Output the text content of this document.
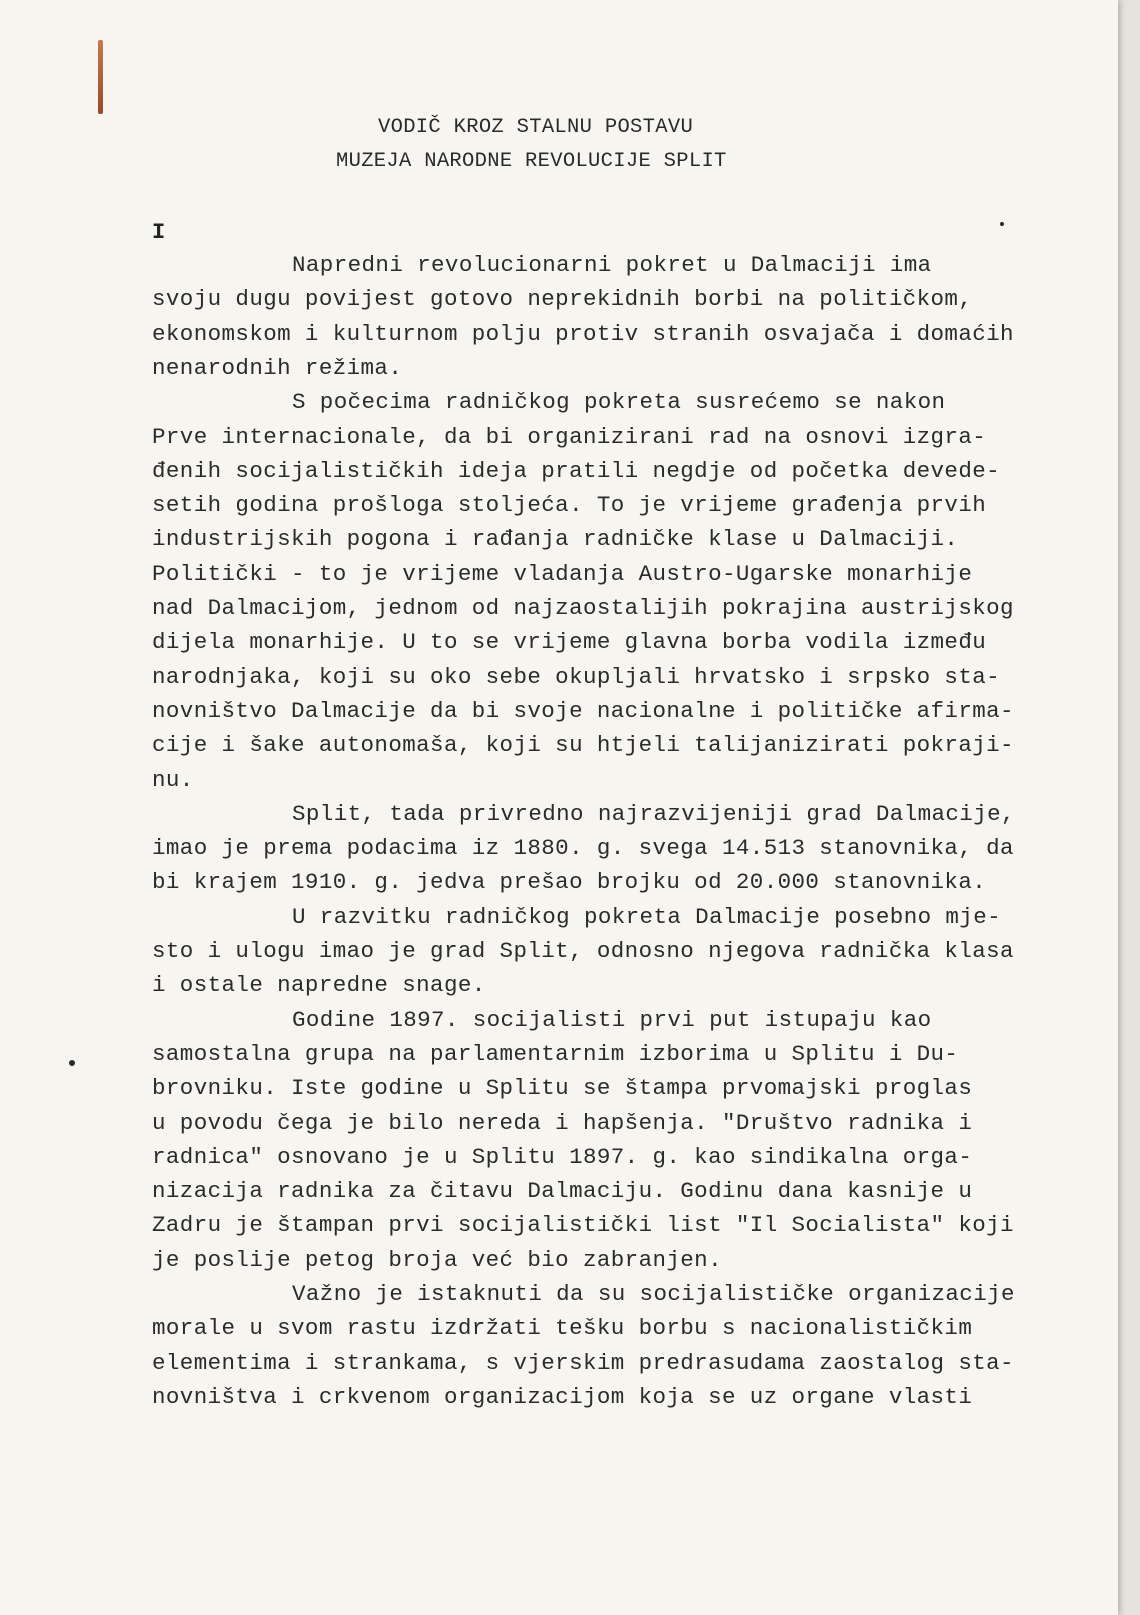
VODIČ KROZ STALNU POSTAVU
MUZEJA NARODNE REVOLUCIJE SPLIT
I
Napredni revolucionarni pokret u Dalmaciji ima
svoju dugu povijest gotovo neprekidnih borbi na političkom,
ekonomskom i kulturnom polju protiv stranih osvajača i domaćih
nenarodnih režima.
S počecima radničkog pokreta susrećemo se nakon
Prve internacionale, da bi organizirani rad na osnovi izgra-
đenih socijalističkih ideja pratili negdje od početka devede-
setih godina prošloga stoljeća. To je vrijeme građenja prvih
industrijskih pogona i rađanja radničke klase u Dalmaciji.
Politički - to je vrijeme vladanja Austro-Ugarske monarhije
nad Dalmacijom, jednom od najzaostalijih pokrajina austrijskog
dijela monarhije. U to se vrijeme glavna borba vodila između
narodnjaka, koji su oko sebe okupljali hrvatsko i srpsko sta-
novništvo Dalmacije da bi svoje nacionalne i političke afirma-
cije i šake autonomaša, koji su htjeli talijanizirati pokraji-
nu.
Split, tada privredno najrazvijeniji grad Dalmacije,
imao je prema podacima iz 1880. g. svega 14.513 stanovnika, da
bi krajem 1910. g. jedva prešao brojku od 20.000 stanovnika.
U razvitku radničkog pokreta Dalmacije posebno mje-
sto i ulogu imao je grad Split, odnosno njegova radnička klasa
i ostale napredne snage.
Godine 1897. socijalisti prvi put istupaju kao
samostalna grupa na parlamentarnim izborima u Splitu i Du-
brovniku. Iste godine u Splitu se štampa prvomajski proglas
u povodu čega je bilo nereda i hapšenja. "Društvo radnika i
radnica" osnovano je u Splitu 1897. g. kao sindikalna orga-
nizacija radnika za čitavu Dalmaciju. Godinu dana kasnije u
Zadru je štampan prvi socijalistički list "Il Socialista" koji
je poslije petog broja već bio zabranjen.
Važno je istaknuti da su socijalističke organizacije
morale u svom rastu izdržati tešku borbu s nacionalističkim
elementima i strankama, s vjerskim predrasudama zaostalog sta-
novništva i crkvenom organizacijom koja se uz organe vlasti
